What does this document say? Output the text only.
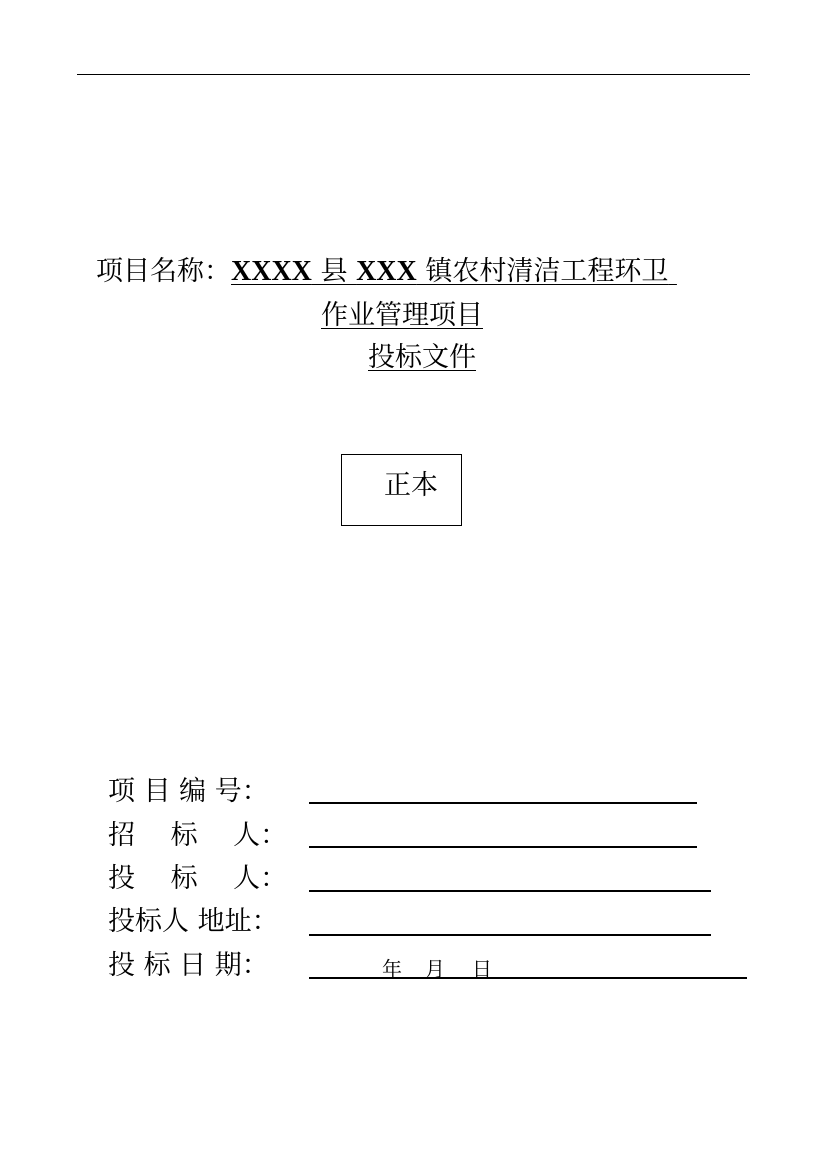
项目名称：XXXX 县 XXX 镇农村清洁工程环卫
作业管理项目
投标文件
正本
项 目 编 号：
招　 标　 人：
投　 标　 人：
投标人 地址：
投 标 日 期：	年 月 日
